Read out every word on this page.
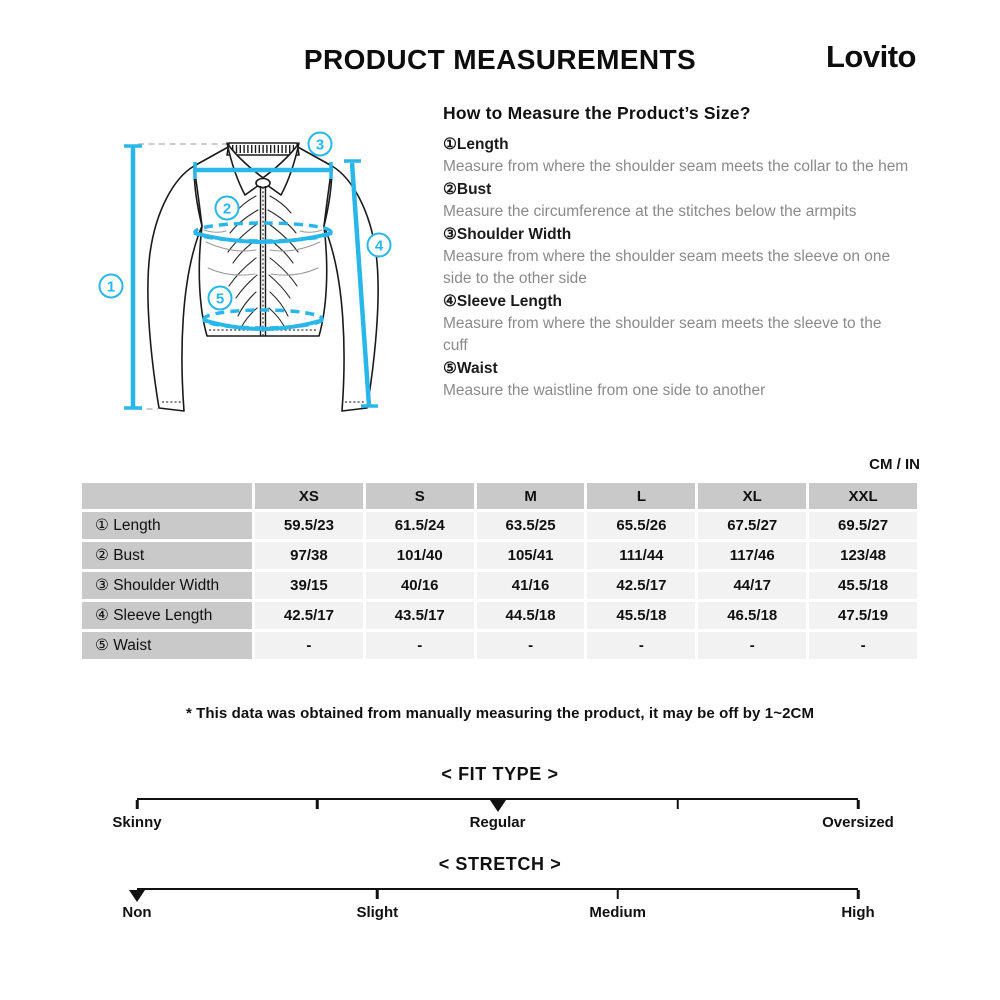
PRODUCT MEASUREMENTS	Lovito
1
2
3
4
5
How to Measure the Product’s Size?
①Length
Measure from where the shoulder seam meets the collar to the hem
②Bust
Measure the circumference at the stitches below the armpits
③Shoulder Width
Measure from where the shoulder seam meets the sleeve on one side to the other side
④Sleeve Length
Measure from where the shoulder seam meets the sleeve to the cuff
⑤Waist
Measure the waistline from one side to another
CM / IN
	XS	S	M	L	XL	XXL
① Length	59.5/23	61.5/24	63.5/25	65.5/26	67.5/27	69.5/27
② Bust	97/38	101/40	105/41	111/44	117/46	123/48
③ Shoulder Width	39/15	40/16	41/16	42.5/17	44/17	45.5/18
④ Sleeve Length	42.5/17	43.5/17	44.5/18	45.5/18	46.5/18	47.5/19
⑤ Waist	-	-	-	-	-	-
* This data was obtained from manually measuring the product, it may be off by 1~2CM
< FIT TYPE >
Skinny	Regular	Oversized
< STRETCH >
Non	Slight	Medium	High
